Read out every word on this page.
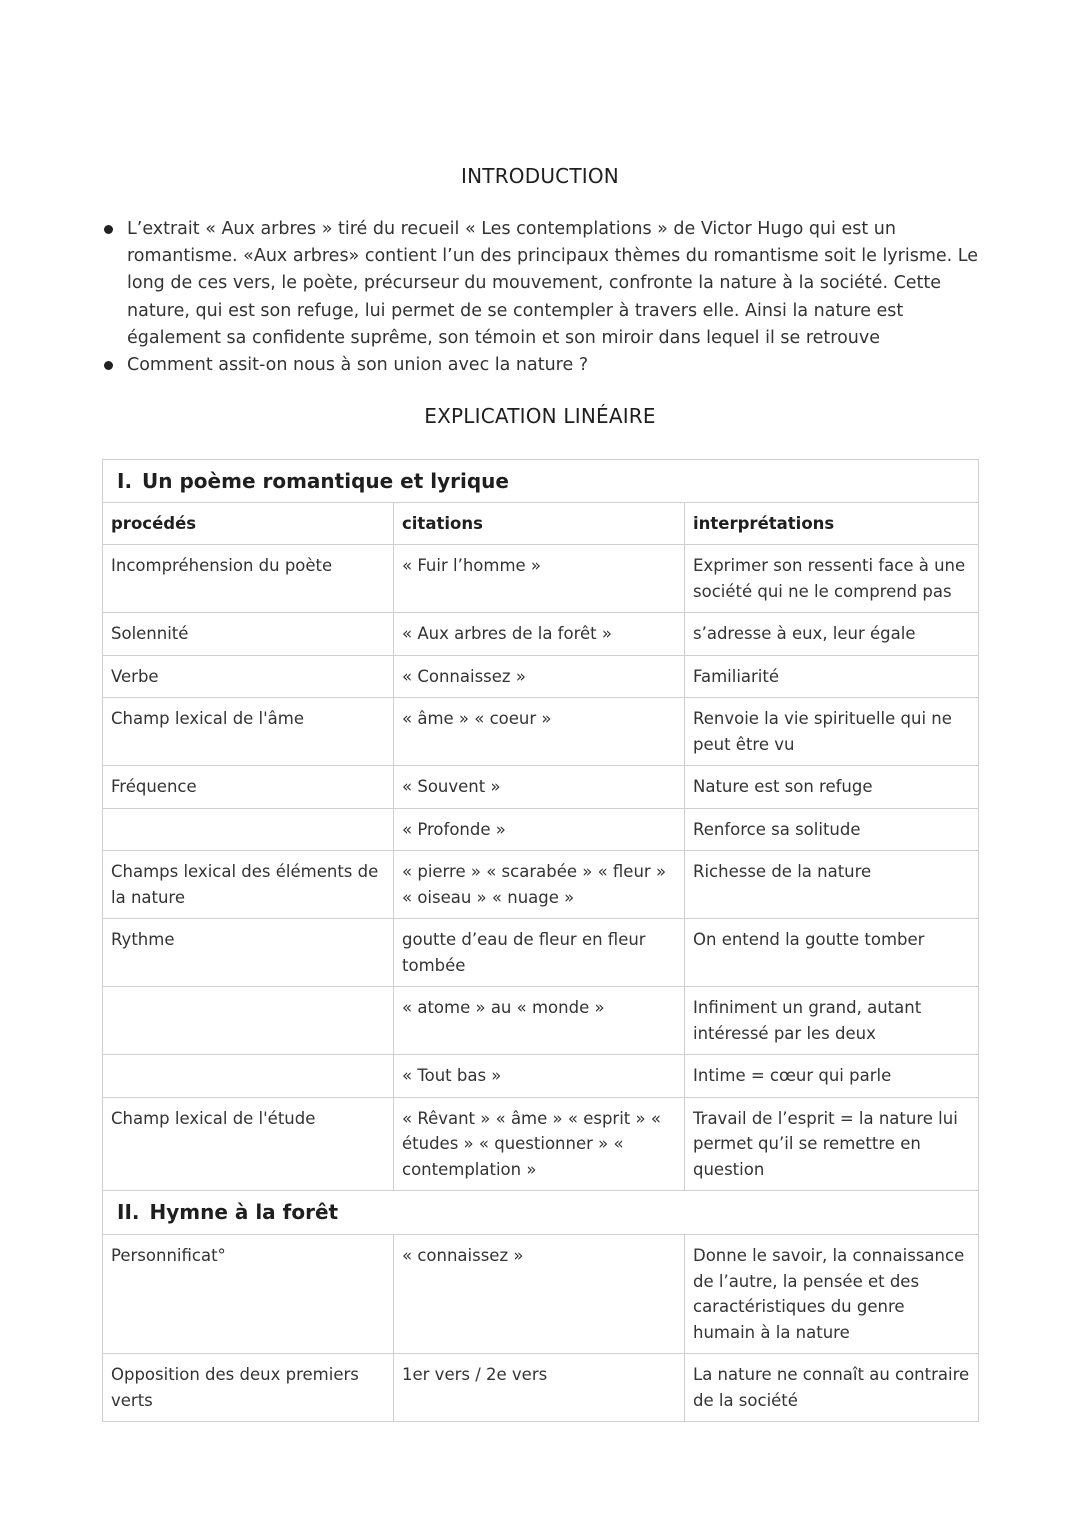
INTRODUCTION
L’extrait « Aux arbres » tiré du recueil « Les contemplations » de Victor Hugo qui est un romantisme. «Aux arbres» contient l’un des principaux thèmes du romantisme soit le lyrisme. Le long de ces vers, le poète, précurseur du mouvement, confronte la nature à la société. Cette nature, qui est son refuge, lui permet de se contempler à travers elle. Ainsi la nature est également sa confidente suprême, son témoin et son miroir dans lequel il se retrouve
Comment assit-on nous à son union avec la nature ?
EXPLICATION LINÉAIRE
I. Un poème romantique et lyrique		
procédés	citations	interprétations
Incompréhension du poète	« Fuir l’homme »	Exprimer son ressenti face à une société qui ne le comprend pas
Solennité	« Aux arbres de la forêt »	s’adresse à eux, leur égale
Verbe	« Connaissez »	Familiarité
Champ lexical de l'âme	« âme » « coeur »	Renvoie la vie spirituelle qui ne peut être vu
Fréquence	« Souvent »	Nature est son refuge
	« Profonde »	Renforce sa solitude
Champs lexical des éléments de la nature	« pierre » « scarabée » « fleur » « oiseau » « nuage »	Richesse de la nature
Rythme	goutte d’eau de fleur en fleur tombée	On entend la goutte tomber
	« atome » au « monde »	Infiniment un grand, autant intéressé par les deux
	« Tout bas »	Intime = cœur qui parle
Champ lexical de l'étude	« Rêvant » « âme » « esprit » « études » « questionner » « contemplation »	Travail de l’esprit = la nature lui permet qu’il se remettre en question
II. Hymne à la forêt		
Personnificat°	« connaissez »	Donne le savoir, la connaissance de l’autre, la pensée et des caractéristiques du genre humain à la nature
Opposition des deux premiers verts	1er vers / 2e vers	La nature ne connaît au contraire de la société
